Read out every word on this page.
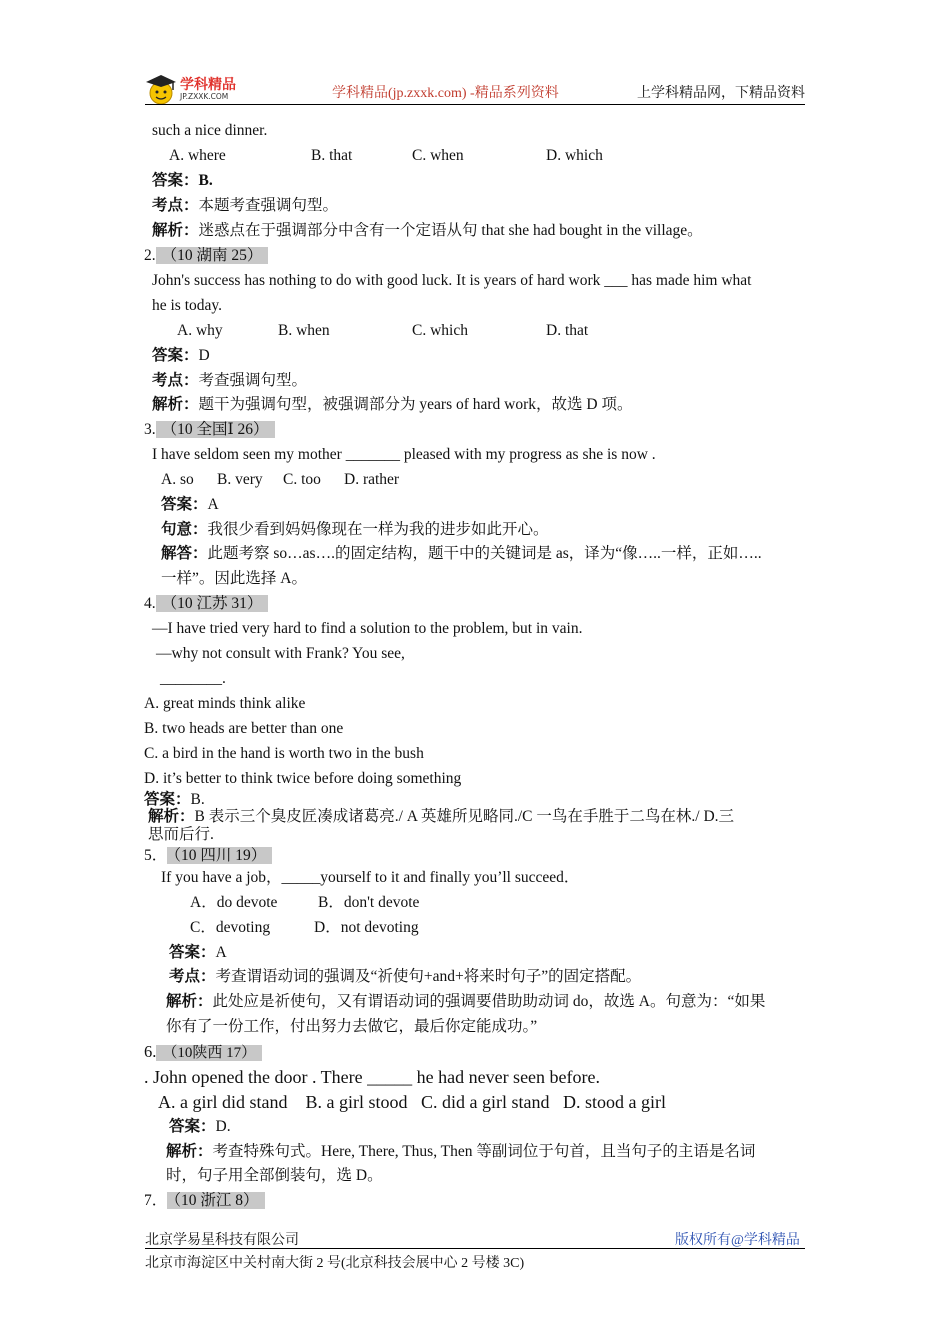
学科精品
JP.ZXXK.COM	学科精品(jp.zxxk.com) -精品系列资料	上学科精品网，下精品资料
such a nice dinner.
A. where	B. that	C. when	D. which
答案：B.
考点：本题考查强调句型。
解析：迷惑点在于强调部分中含有一个定语从句 that she had bought in the village。
2. （10 湖南 25）
John's success has nothing to do with good luck. It is years of hard work ___ has made him what
he is today.
A. why	B. when	C. which	D. that
答案：D
考点：考查强调句型。
解析：题干为强调句型，被强调部分为 years of hard work，故选 D 项。
3. （10 全国Ⅰ 26）
I have seldom seen my mother _______ pleased with my progress as she is now .
A. so B. very C. too D. rather
答案：A
句意：我很少看到妈妈像现在一样为我的进步如此开心。
解答：此题考察 so…as….的固定结构，题干中的关键词是 as，译为“像…..一样，正如…..
一样”。因此选择 A。
4. （10 江苏 31）
—I have tried very hard to find a solution to the problem, but in vain.
—why not consult with Frank? You see,
________.
A. great minds think alike
B. two heads are better than one
C. a bird in the hand is worth two in the bush
D. it’s better to think twice before doing something
答案：B.
解析：B 表示三个臭皮匠凑成诸葛亮./ A 英雄所见略同./C 一鸟在手胜于二鸟在林./ D.三
思而后行.
5． （10 四川 19）
If you have a job，_____yourself to it and finally you’ll succeed．
A．do devote	B．don't devote
C．devoting	D．not devoting
答案：A
考点：考查谓语动词的强调及“祈使句+and+将来时句子”的固定搭配。
解析：此处应是祈使句，又有谓语动词的强调要借助助动词 do，故选 A。句意为：“如果
你有了一份工作，付出努力去做它，最后你定能成功。”
6. （10陕西 17）
. John opened the door . There _____ he had never seen before.
A. a girl did stand    B. a girl stood   C. did a girl stand   D. stood a girl
答案：D.
解析：考查特殊句式。Here, There, Thus, Then 等副词位于句首，且当句子的主语是名词
时，句子用全部倒装句，选 D。
7． （10 浙江 8）
北京学易星科技有限公司	版权所有@学科精品
北京市海淀区中关村南大街 2 号(北京科技会展中心 2 号楼 3C)
